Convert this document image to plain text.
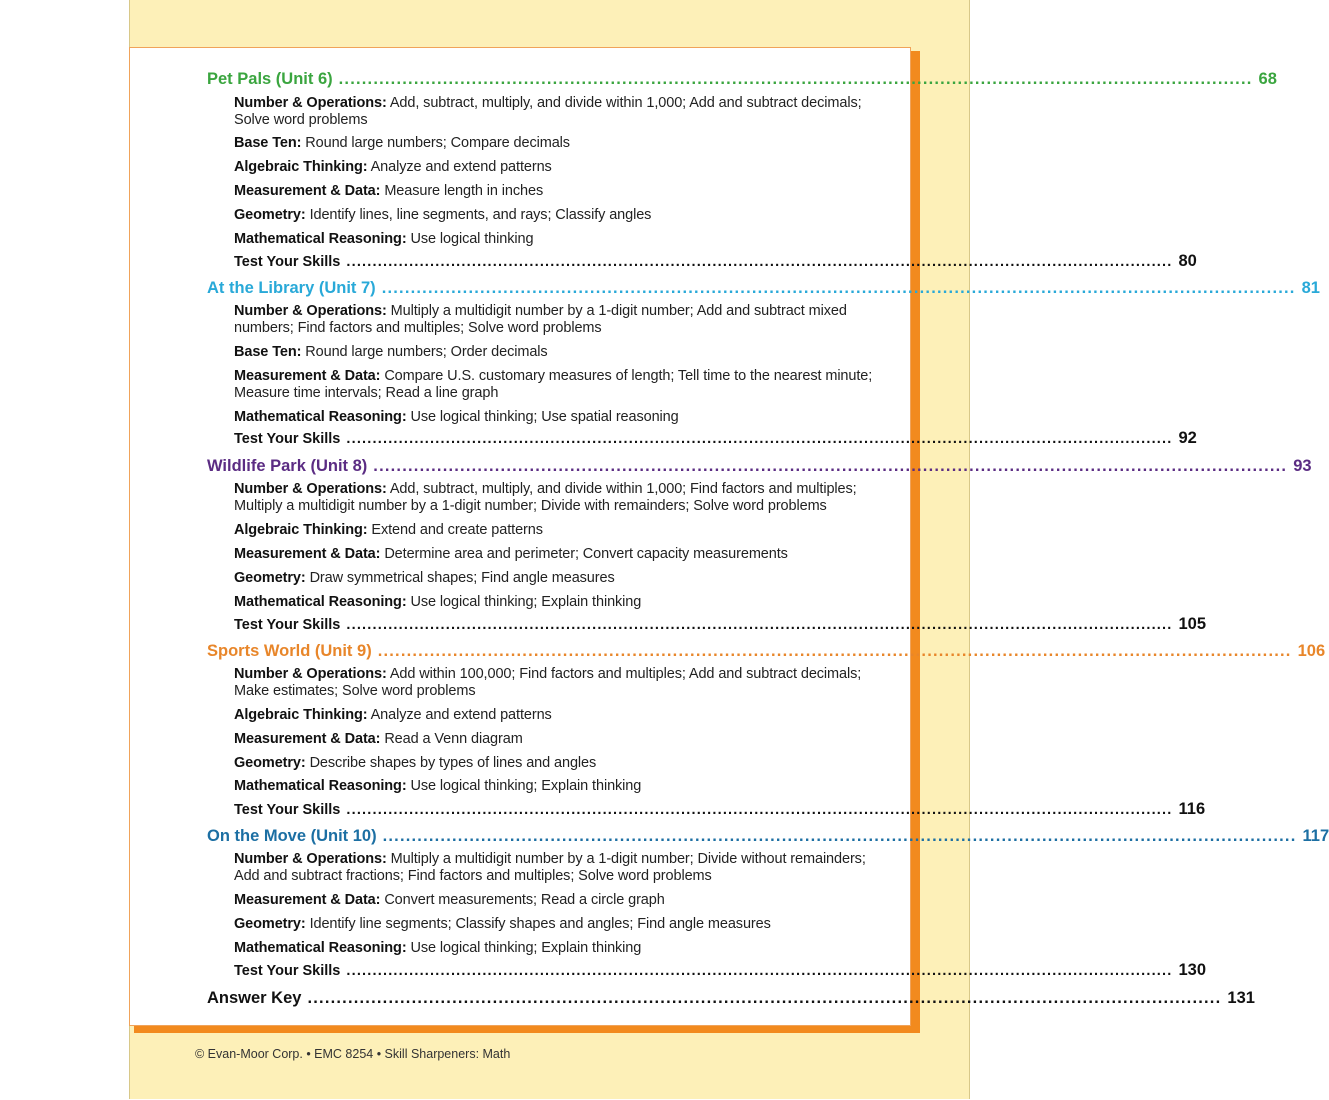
Pet Pals (Unit 6) .............................................................................................................................................................. 68
Number & Operations: Add, subtract, multiply, and divide within 1,000; Add and subtract decimals; Solve word problems
Base Ten: Round large numbers; Compare decimals
Algebraic Thinking: Analyze and extend patterns
Measurement & Data: Measure length in inches
Geometry: Identify lines, line segments, and rays; Classify angles
Mathematical Reasoning: Use logical thinking
Test Your Skills .............................................................................................................................................................. 80
At the Library (Unit 7) .............................................................................................................................................................. 81
Number & Operations: Multiply a multidigit number by a 1-digit number; Add and subtract mixed numbers; Find factors and multiples; Solve word problems
Base Ten: Round large numbers; Order decimals
Measurement & Data: Compare U.S. customary measures of length; Tell time to the nearest minute; Measure time intervals; Read a line graph
Mathematical Reasoning: Use logical thinking; Use spatial reasoning
Test Your Skills .............................................................................................................................................................. 92
Wildlife Park (Unit 8) .............................................................................................................................................................. 93
Number & Operations: Add, subtract, multiply, and divide within 1,000; Find factors and multiples; Multiply a multidigit number by a 1-digit number; Divide with remainders; Solve word problems
Algebraic Thinking: Extend and create patterns
Measurement & Data: Determine area and perimeter; Convert capacity measurements
Geometry: Draw symmetrical shapes; Find angle measures
Mathematical Reasoning: Use logical thinking; Explain thinking
Test Your Skills .............................................................................................................................................................. 105
Sports World (Unit 9) .............................................................................................................................................................. 106
Number & Operations: Add within 100,000; Find factors and multiples; Add and subtract decimals; Make estimates; Solve word problems
Algebraic Thinking: Analyze and extend patterns
Measurement & Data: Read a Venn diagram
Geometry: Describe shapes by types of lines and angles
Mathematical Reasoning: Use logical thinking; Explain thinking
Test Your Skills .............................................................................................................................................................. 116
On the Move (Unit 10) .............................................................................................................................................................. 117
Number & Operations: Multiply a multidigit number by a 1-digit number; Divide without remainders; Add and subtract fractions; Find factors and multiples; Solve word problems
Measurement & Data: Convert measurements; Read a circle graph
Geometry: Identify line segments; Classify shapes and angles; Find angle measures
Mathematical Reasoning: Use logical thinking; Explain thinking
Test Your Skills .............................................................................................................................................................. 130
Answer Key .............................................................................................................................................................. 131
© Evan-Moor Corp. • EMC 8254 • Skill Sharpeners: Math
